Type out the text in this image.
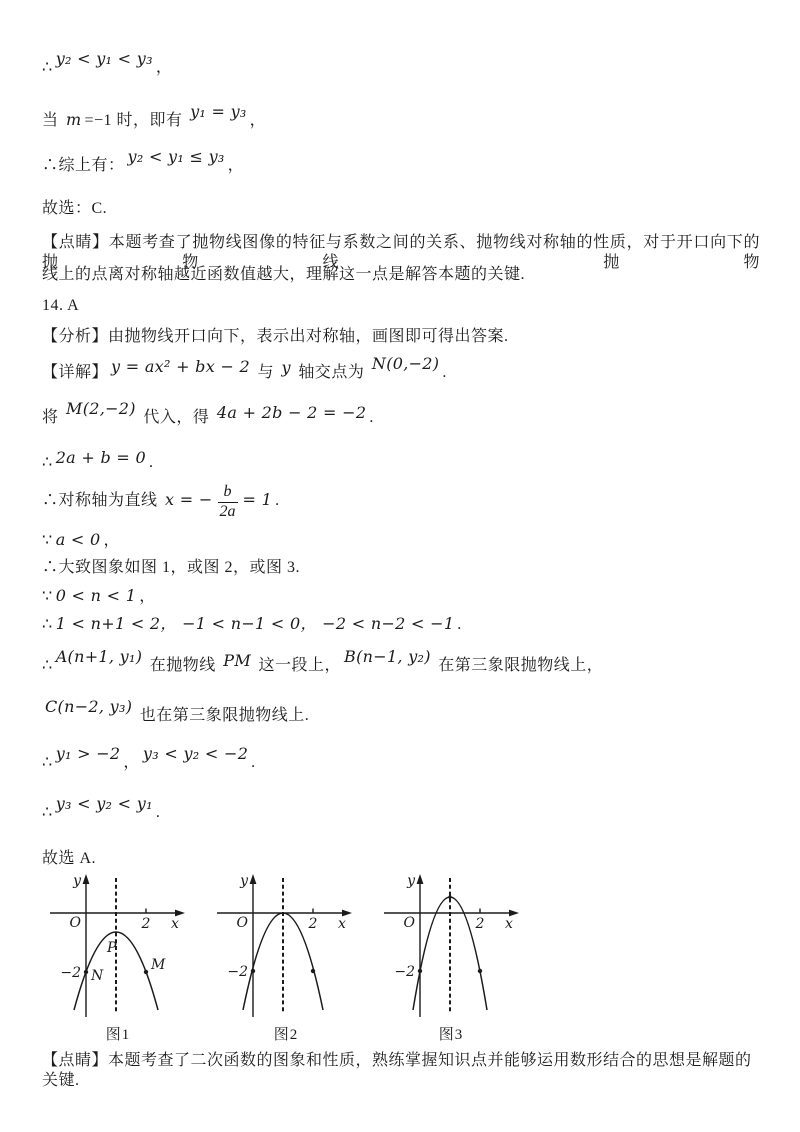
∴ y₂ < y₁ < y₃ ，
当 m =−1 时，即有 y₁ = y₃ ，
∴综上有： y₂ < y₁ ≤ y₃ ，
故选：C.
【点睛】本题考查了抛物线图像的特征与系数之间的关系、抛物线对称轴的性质，对于开口向下的抛物线，抛物
线上的点离对称轴越近函数值越大，理解这一点是解答本题的关键.
14. A
【分析】由抛物线开口向下，表示出对称轴，画图即可得出答案.
【详解】 y = ax² + bx − 2 与 y 轴交点为 N(0,−2) .
将 M(2,−2) 代入，得 4a + 2b − 2 = −2 .
∴ 2a + b = 0 .
∴对称轴为直线 x = − $\frac{b}{2a} = 1$ .
∵ a < 0 ，
∴大致图象如图 1，或图 2，或图 3.
∵ 0 < n < 1 ，
∴ 1 < n+1 < 2， −1 < n−1 < 0， −2 < n−2 < −1 .
∴ A(n+1, y₁) 在抛物线 PM 这一段上， B(n−1, y₂) 在第三象限抛物线上，
C(n−2, y₃) 也在第三象限抛物线上.
∴ y₁ > −2 ， y₃ < y₂ < −2 .
∴ y₃ < y₂ < y₁ .
故选 A.
y
O	2 x
−2 N
M
P
图1
y
O	2 x
−2
图2
y
O	2 x
−2
图3
【点睛】本题考查了二次函数的图象和性质，熟练掌握知识点并能够运用数形结合的思想是解题的关键.
